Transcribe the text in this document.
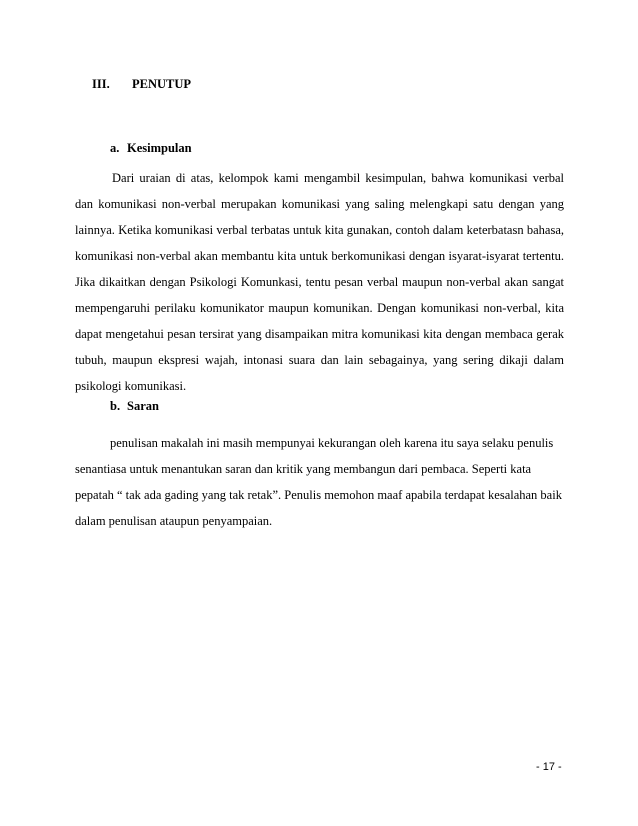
III. PENUTUP
a. Kesimpulan
Dari uraian di atas, kelompok kami mengambil kesimpulan, bahwa komunikasi verbal
dan komunikasi non-verbal merupakan komunikasi yang saling melengkapi satu dengan yang
lainnya. Ketika komunikasi verbal terbatas untuk kita gunakan, contoh dalam keterbatasn bahasa,
komunikasi non-verbal akan membantu kita untuk berkomunikasi dengan isyarat-isyarat tertentu.
Jika dikaitkan dengan Psikologi Komunkasi, tentu pesan verbal maupun non-verbal akan sangat
mempengaruhi perilaku komunikator maupun komunikan. Dengan komunikasi non-verbal, kita
dapat mengetahui pesan tersirat yang disampaikan mitra komunikasi kita dengan membaca gerak
tubuh, maupun ekspresi wajah, intonasi suara dan lain sebagainya, yang sering dikaji dalam
psikologi komunikasi.
b. Saran
penulisan makalah ini masih mempunyai kekurangan oleh karena itu saya selaku penulis
senantiasa untuk menantukan saran dan kritik yang membangun dari pembaca. Seperti kata
pepatah “ tak ada gading yang tak retak”. Penulis memohon maaf apabila terdapat kesalahan baik
dalam penulisan ataupun penyampaian.
- 17 -
